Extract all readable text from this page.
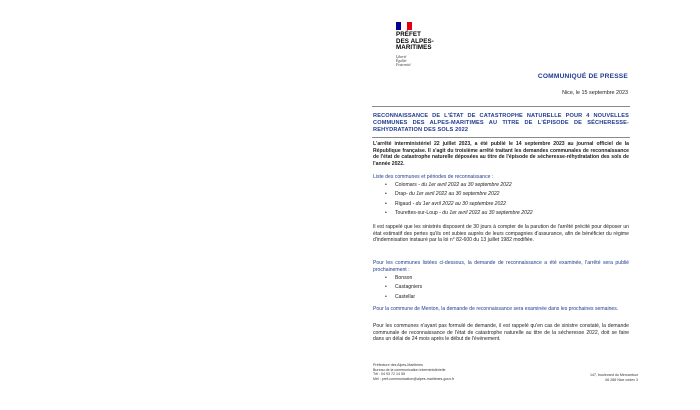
PRÉFET
DES ALPES-
MARITIMES
Liberté
Égalité
Fraternité
COMMUNIQUÉ DE PRESSE
Nice, le 15 septembre 2023
RECONNAISSANCE DE L'ÉTAT DE CATASTROPHE NATURELLE POUR 4 NOUVELLES COMMUNES DES ALPES-MARITIMES AU TITRE DE L'ÉPISODE DE SÉCHERESSE-REHYDRATATION DES SOLS 2022
L'arrêté interministériel 22 juillet 2023, a été publié le 14 septembre 2023 au journal officiel de la République française. Il s'agit du troisième arrêté traitant les demandes communales de reconnaissance de l'état de catastrophe naturelle déposées au titre de l'épisode de sécheresse-réhydratation des sols de l'année 2022.
Liste des communes et périodes de reconnaissance :
• Colomars - du 1er avril 2022 au 30 septembre 2022
• Drap- du 1er avril 2022 au 30 septembre 2022
• Rigaud - du 1er avril 2022 au 30 septembre 2022
• Tourettes-sur-Loup - du 1er avril 2022 au 30 septembre 2022
Il est rappelé que les sinistrés disposent de 30 jours à compter de la parution de l'arrêté précité pour déposer un état estimatif des pertes qu'ils ont subies auprès de leurs compagnies d'assurance, afin de bénéficier du régime d'indemnisation instauré par la loi n° 82-600 du 13 juillet 1982 modifiée.
Pour les communes listées ci-dessous, la demande de reconnaissance a été examinée, l'arrêté sera publié prochainement :
• Bonson
• Castagniers
• Castellar
Pour la commune de Menton, la demande de reconnaissance sera examinée dans les prochaines semaines.
Pour les communes n'ayant pas formulé de demande, il est rappelé qu'en cas de sinistre constaté, la demande communale de reconnaissance de l'état de catastrophe naturelle au titre de la sécheresse 2022, doit se faire dans un délai de 24 mois après le début de l'événement.
Préfecture des Alpes-Maritimes
Bureau de la communication interministérielle
Tél : 04 93 72 14 55
Mél : pref-communication@alpes-maritimes.gouv.fr
147, boulevard du Mercantour
06 286 Nice cedex 3
